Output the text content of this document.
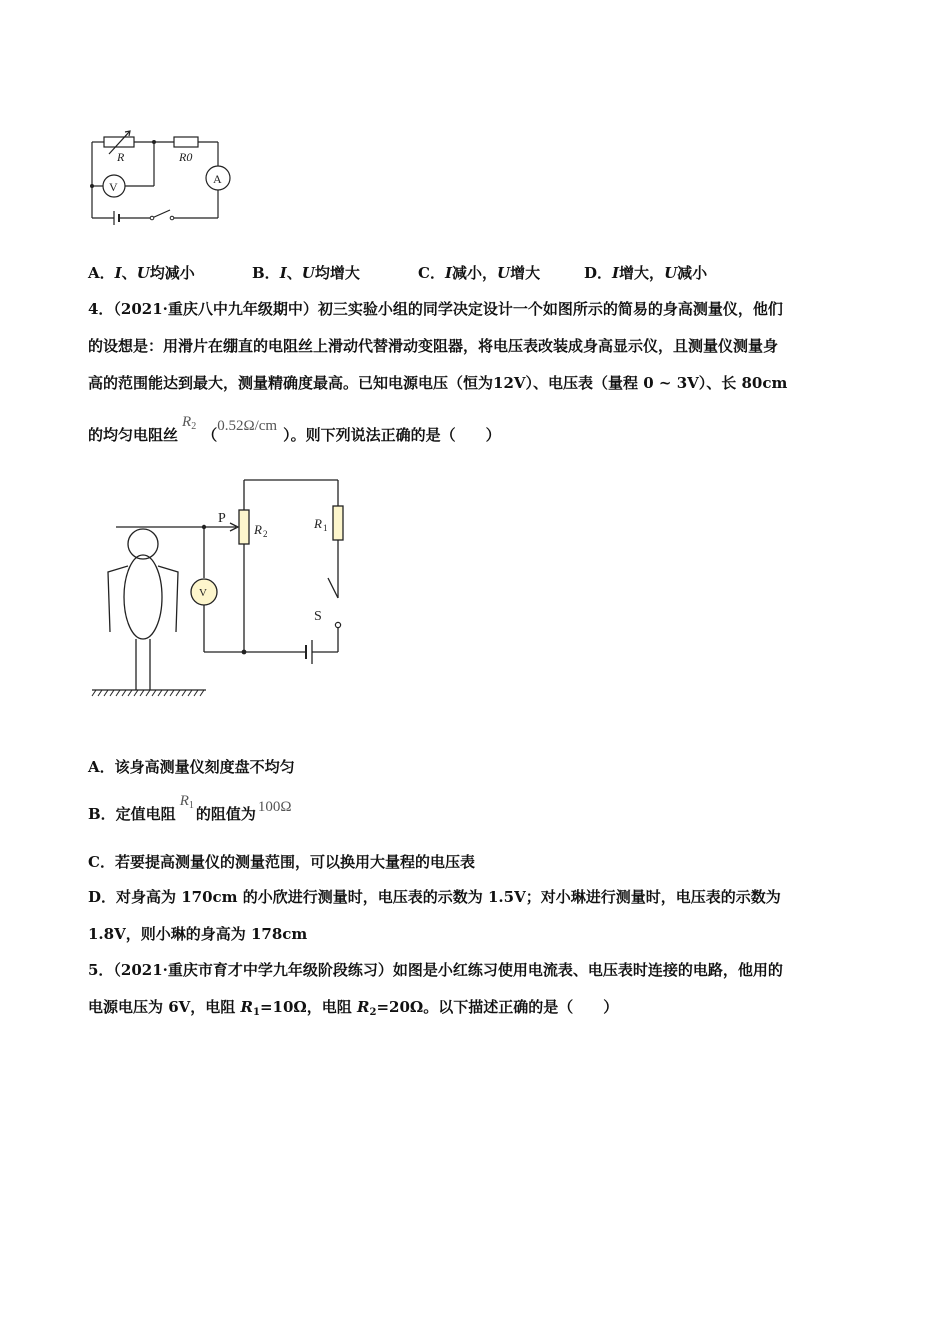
R	R0
A
V
A．I、U均减小	B．I、U均增大	C．I减小，U增大	D．I增大，U减小
4．（2021·重庆八中九年级期中）初三实验小组的同学决定设计一个如图所示的简易的身高测量仪，他们
的设想是：用滑片在绷直的电阻丝上滑动代替滑动变阻器，将电压表改装成身高显示仪，且测量仪测量身
高的范围能达到最大，测量精确度最高。已知电源电压（恒为12V）、电压表（量程 0 ~ 3V）、长 80cm
的均匀电阻丝$R_2$ （0.52Ω/cm ）。则下列说法正确的是（　　）
P
R 2
R 1
S
V
A．该身高测量仪刻度盘不均匀
B．定值电阻$R_1$ 的阻值为 100Ω
C．若要提高测量仪的测量范围，可以换用大量程的电压表
D．对身高为 170cm 的小欣进行测量时，电压表的示数为 1.5V；对小琳进行测量时，电压表的示数为
1.8V，则小琳的身高为 178cm
5．（2021·重庆市育才中学九年级阶段练习）如图是小红练习使用电流表、电压表时连接的电路，他用的
电源电压为 6V，电阻 $R_1=10\Omega$，电阻 $R_2=20\Omega$。以下描述正确的是（　　）
